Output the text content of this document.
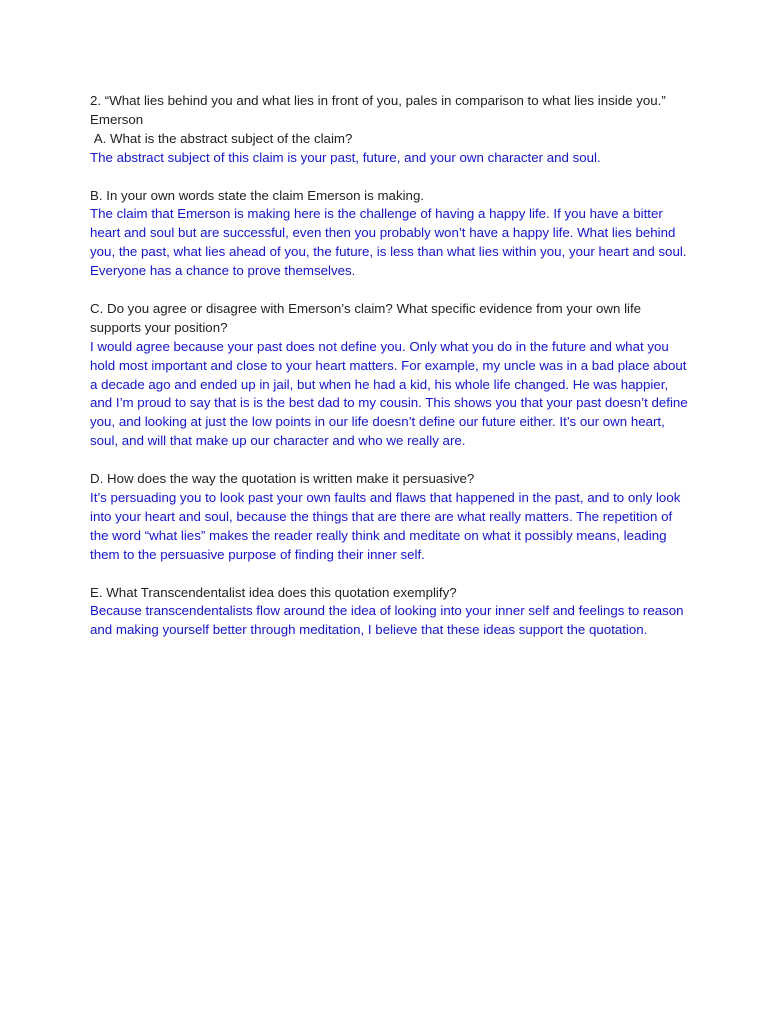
2. “What lies behind you and what lies in front of you, pales in comparison to what lies inside you.” Emerson

A. What is the abstract subject of the claim?

The abstract subject of this claim is your past, future, and your own character and soul.

B. In your own words state the claim Emerson is making.

The claim that Emerson is making here is the challenge of having a happy life. If you have a bitter heart and soul but are successful, even then you probably won’t have a happy life. What lies behind you, the past, what lies ahead of you, the future, is less than what lies within you, your heart and soul. Everyone has a chance to prove themselves.

C. Do you agree or disagree with Emerson’s claim? What specific evidence from your own life supports your position?

I would agree because your past does not define you. Only what you do in the future and what you hold most important and close to your heart matters. For example, my uncle was in a bad place about a decade ago and ended up in jail, but when he had a kid, his whole life changed. He was happier, and I’m proud to say that is is the best dad to my cousin. This shows you that your past doesn’t define you, and looking at just the low points in our life doesn’t define our future either. It’s our own heart, soul, and will that make up our character and who we really are.

D. How does the way the quotation is written make it persuasive?

It’s persuading you to look past your own faults and flaws that happened in the past, and to only look into your heart and soul, because the things that are there are what really matters. The repetition of the word “what lies” makes the reader really think and meditate on what it possibly means, leading them to the persuasive purpose of finding their inner self.

E. What Transcendentalist idea does this quotation exemplify?

Because transcendentalists flow around the idea of looking into your inner self and feelings to reason and making yourself better through meditation, I believe that these ideas support the quotation.
